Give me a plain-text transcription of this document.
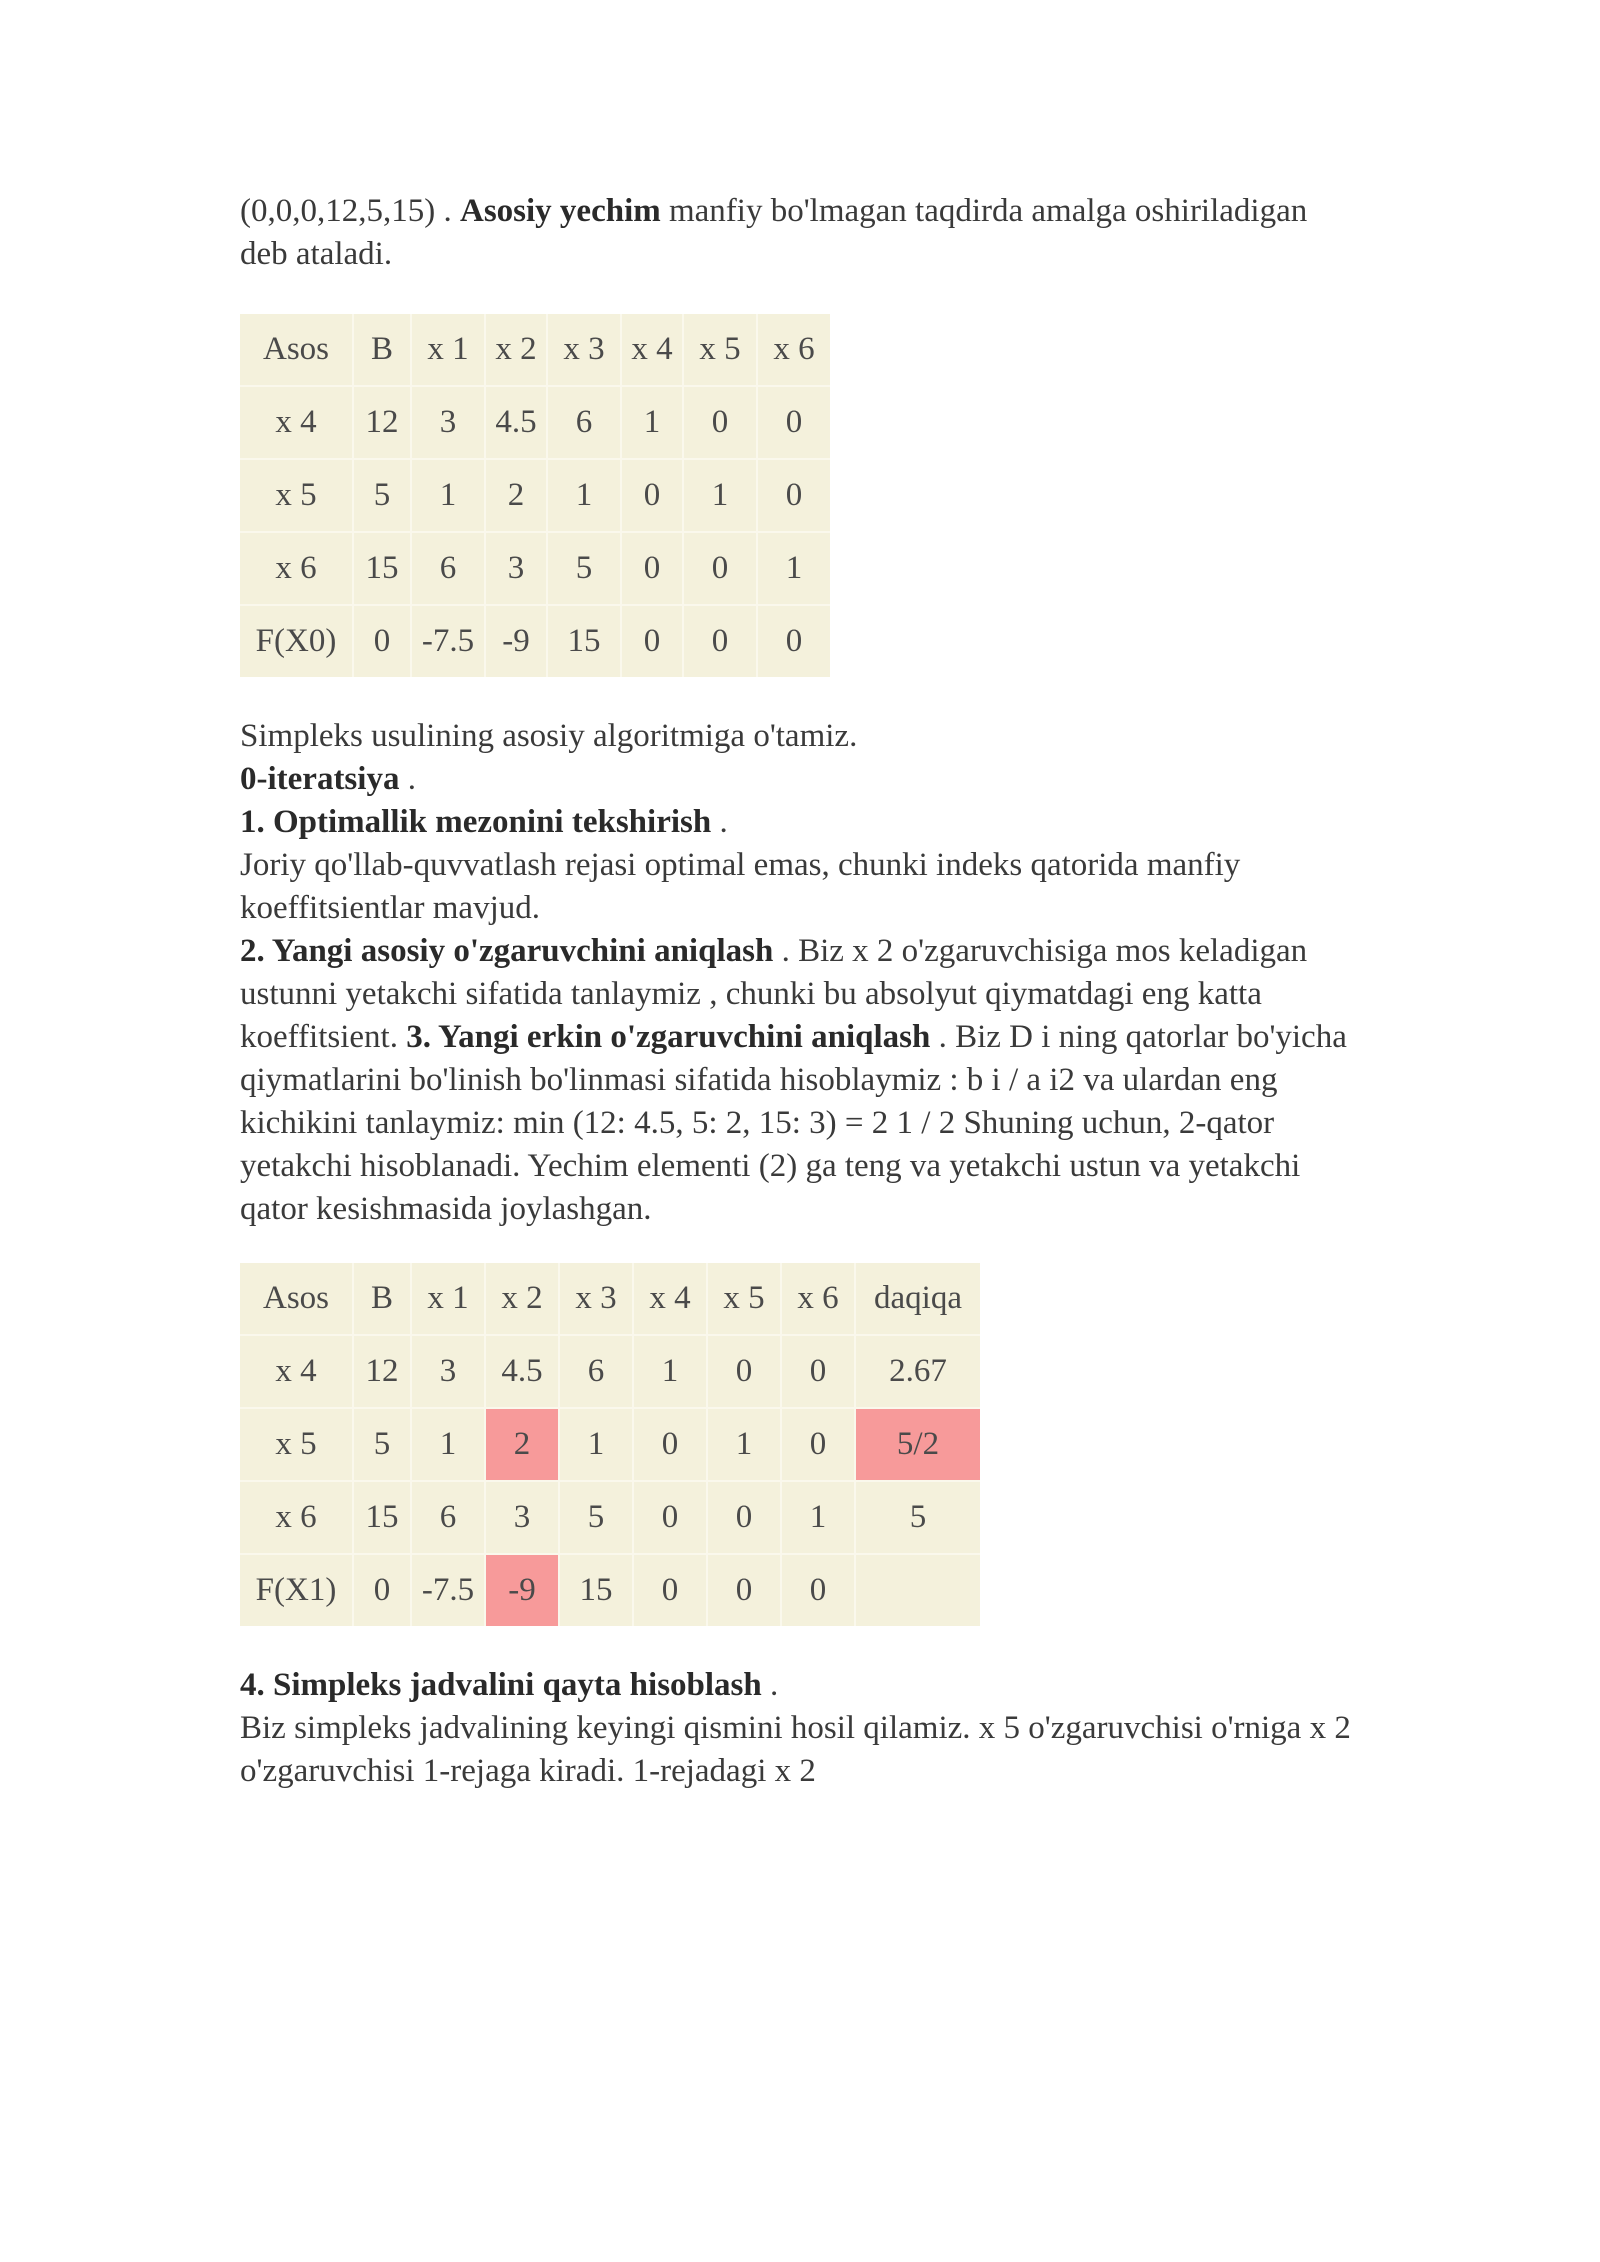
(0,0,0,12,5,15) . Asosiy yechim manfiy bo'lmagan taqdirda amalga oshiriladigan deb ataladi.

Asos	B	x 1	x 2	x 3	x 4	x 5	x 6
x 4	12	3	4.5	6	1	0	0
x 5	5	1	2	1	0	1	0
x 6	15	6	3	5	0	0	1
F(X0)	0	-7.5	-9	15	0	0	0

Simpleks usulining asosiy algoritmiga o'tamiz.
0-iteratsiya .
1. Optimallik mezonini tekshirish .
Joriy qo'llab-quvvatlash rejasi optimal emas, chunki indeks qatorida manfiy koeffitsientlar mavjud.
2. Yangi asosiy o'zgaruvchini aniqlash . Biz x 2 o'zgaruvchisiga mos keladigan ustunni yetakchi sifatida tanlaymiz , chunki bu absolyut qiymatdagi eng katta koeffitsient. 3. Yangi erkin o'zgaruvchini aniqlash . Biz D i ning qatorlar bo'yicha qiymatlarini bo'linish bo'linmasi sifatida hisoblaymiz : b i / a i2 va ulardan eng kichikini tanlaymiz: min (12: 4.5, 5: 2, 15: 3) = 2 1 / 2 Shuning uchun, 2-qator yetakchi hisoblanadi. Yechim elementi (2) ga teng va yetakchi ustun va yetakchi qator kesishmasida joylashgan.

Asos	B	x 1	x 2	x 3	x 4	x 5	x 6	daqiqa
x 4	12	3	4.5	6	1	0	0	2.67
x 5	5	1	2	1	0	1	0	5/2
x 6	15	6	3	5	0	0	1	5
F(X1)	0	-7.5	-9	15	0	0	0	

4. Simpleks jadvalini qayta hisoblash .
Biz simpleks jadvalining keyingi qismini hosil qilamiz. x 5 o'zgaruvchisi o'rniga x 2 o'zgaruvchisi 1-rejaga kiradi. 1-rejadagi x 2
